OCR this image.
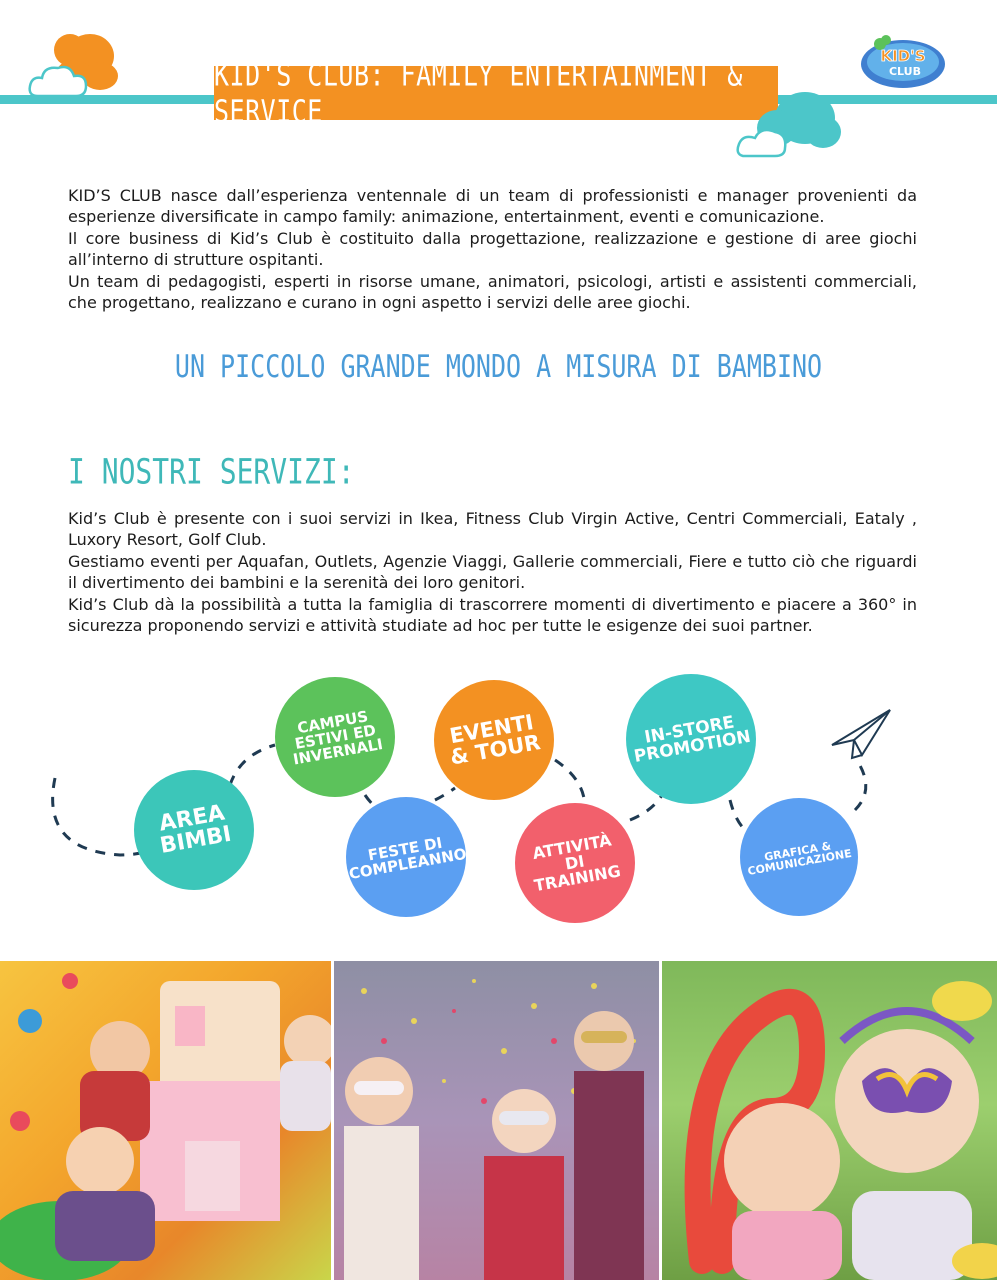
KID'S CLUB: FAMILY ENTERTAINMENT & SERVICE
KID'S
CLUB

KID’S CLUB nasce dall’esperienza ventennale di un team di professionisti e manager provenienti da esperienze diversificate in campo family: animazione, entertainment, eventi e comunicazione.

Il core business di Kid’s Club è costituito dalla progettazione, realizzazione e gestione di aree giochi all’interno di strutture ospitanti.

Un team di pedagogisti, esperti in risorse umane, animatori, psicologi, artisti e assistenti commerciali, che progettano, realizzano e curano in ogni aspetto i servizi delle aree giochi.

UN PICCOLO GRANDE MONDO A MISURA DI BAMBINO
I NOSTRI SERVIZI:

Kid’s Club è presente con i suoi servizi in Ikea, Fitness Club Virgin Active, Centri Commerciali, Eataly , Luxory Resort, Golf Club.

Gestiamo eventi per Aquafan, Outlets, Agenzie Viaggi, Gallerie commerciali, Fiere e tutto ciò che riguardi il divertimento dei bambini e la serenità dei loro genitori.

Kid’s Club dà la possibilità a tutta la famiglia di trascorrere momenti di divertimento e piacere a 360° in sicurezza proponendo servizi e attività studiate ad hoc per tutte le esigenze dei suoi partner.

AREA
BIMBI
CAMPUS
ESTIVI ED
INVERNALI
FESTE DI
COMPLEANNO
EVENTI
& TOUR
ATTIVITÀ
DI
TRAINING
IN-STORE
PROMOTION
GRAFICA &
COMUNICAZIONE
